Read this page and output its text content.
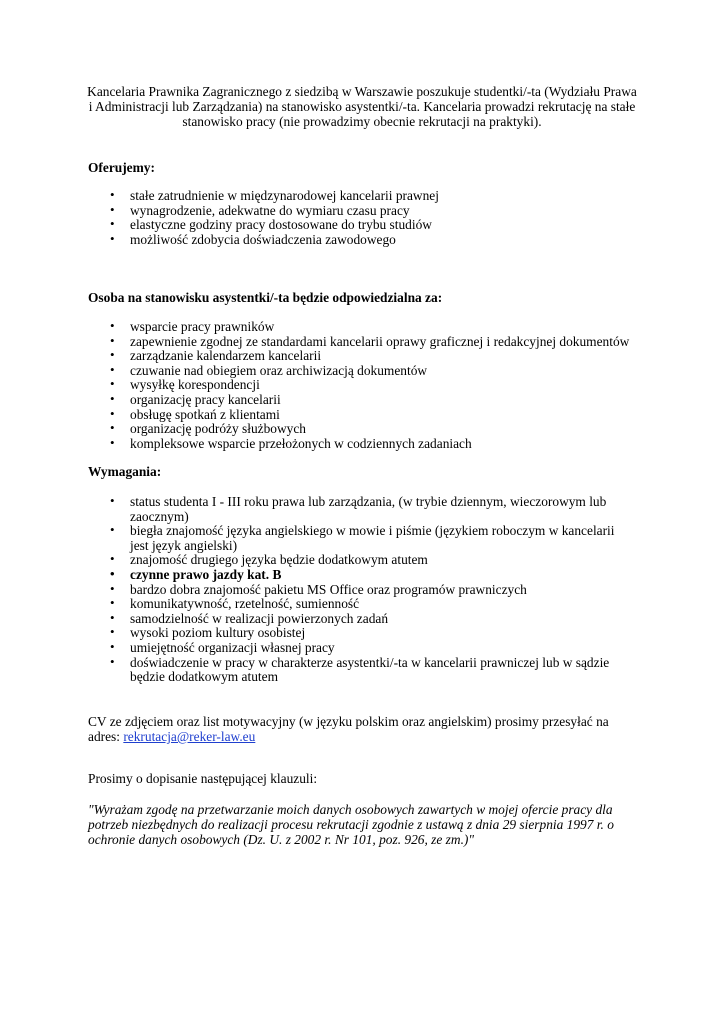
Kancelaria Prawnika Zagranicznego z siedzibą w Warszawie poszukuje studentki/-ta (Wydziału Prawa i Administracji lub Zarządzania) na stanowisko asystentki/-ta. Kancelaria prowadzi rekrutację na stałe stanowisko pracy (nie prowadzimy obecnie rekrutacji na praktyki).

Oferujemy:

• stałe zatrudnienie w międzynarodowej kancelarii prawnej
• wynagrodzenie, adekwatne do wymiaru czasu pracy
• elastyczne godziny pracy dostosowane do trybu studiów
• możliwość zdobycia doświadczenia zawodowego

Osoba na stanowisku asystentki/-ta będzie odpowiedzialna za:

• wsparcie pracy prawników
• zapewnienie zgodnej ze standardami kancelarii oprawy graficznej i redakcyjnej dokumentów
• zarządzanie kalendarzem kancelarii
• czuwanie nad obiegiem oraz archiwizacją dokumentów
• wysyłkę korespondencji
• organizację pracy kancelarii
• obsługę spotkań z klientami
• organizację podróży służbowych
• kompleksowe wsparcie przełożonych w codziennych zadaniach

Wymagania:

• status studenta I - III roku prawa lub zarządzania, (w trybie dziennym, wieczorowym lub zaocznym)
• biegła znajomość języka angielskiego w mowie i piśmie (językiem roboczym w kancelarii jest język angielski)
• znajomość drugiego języka będzie dodatkowym atutem
• czynne prawo jazdy kat. B
• bardzo dobra znajomość pakietu MS Office oraz programów prawniczych
• komunikatywność, rzetelność, sumienność
• samodzielność w realizacji powierzonych zadań
• wysoki poziom kultury osobistej
• umiejętność organizacji własnej pracy
• doświadczenie w pracy w charakterze asystentki/-ta w kancelarii prawniczej lub w sądzie będzie dodatkowym atutem

CV ze zdjęciem oraz list motywacyjny (w języku polskim oraz angielskim) prosimy przesyłać na adres: rekrutacja@reker-law.eu

Prosimy o dopisanie następującej klauzuli:

"Wyrażam zgodę na przetwarzanie moich danych osobowych zawartych w mojej ofercie pracy dla potrzeb niezbędnych do realizacji procesu rekrutacji zgodnie z ustawą z dnia 29 sierpnia 1997 r. o ochronie danych osobowych (Dz. U. z 2002 r. Nr 101, poz. 926, ze zm.)"
